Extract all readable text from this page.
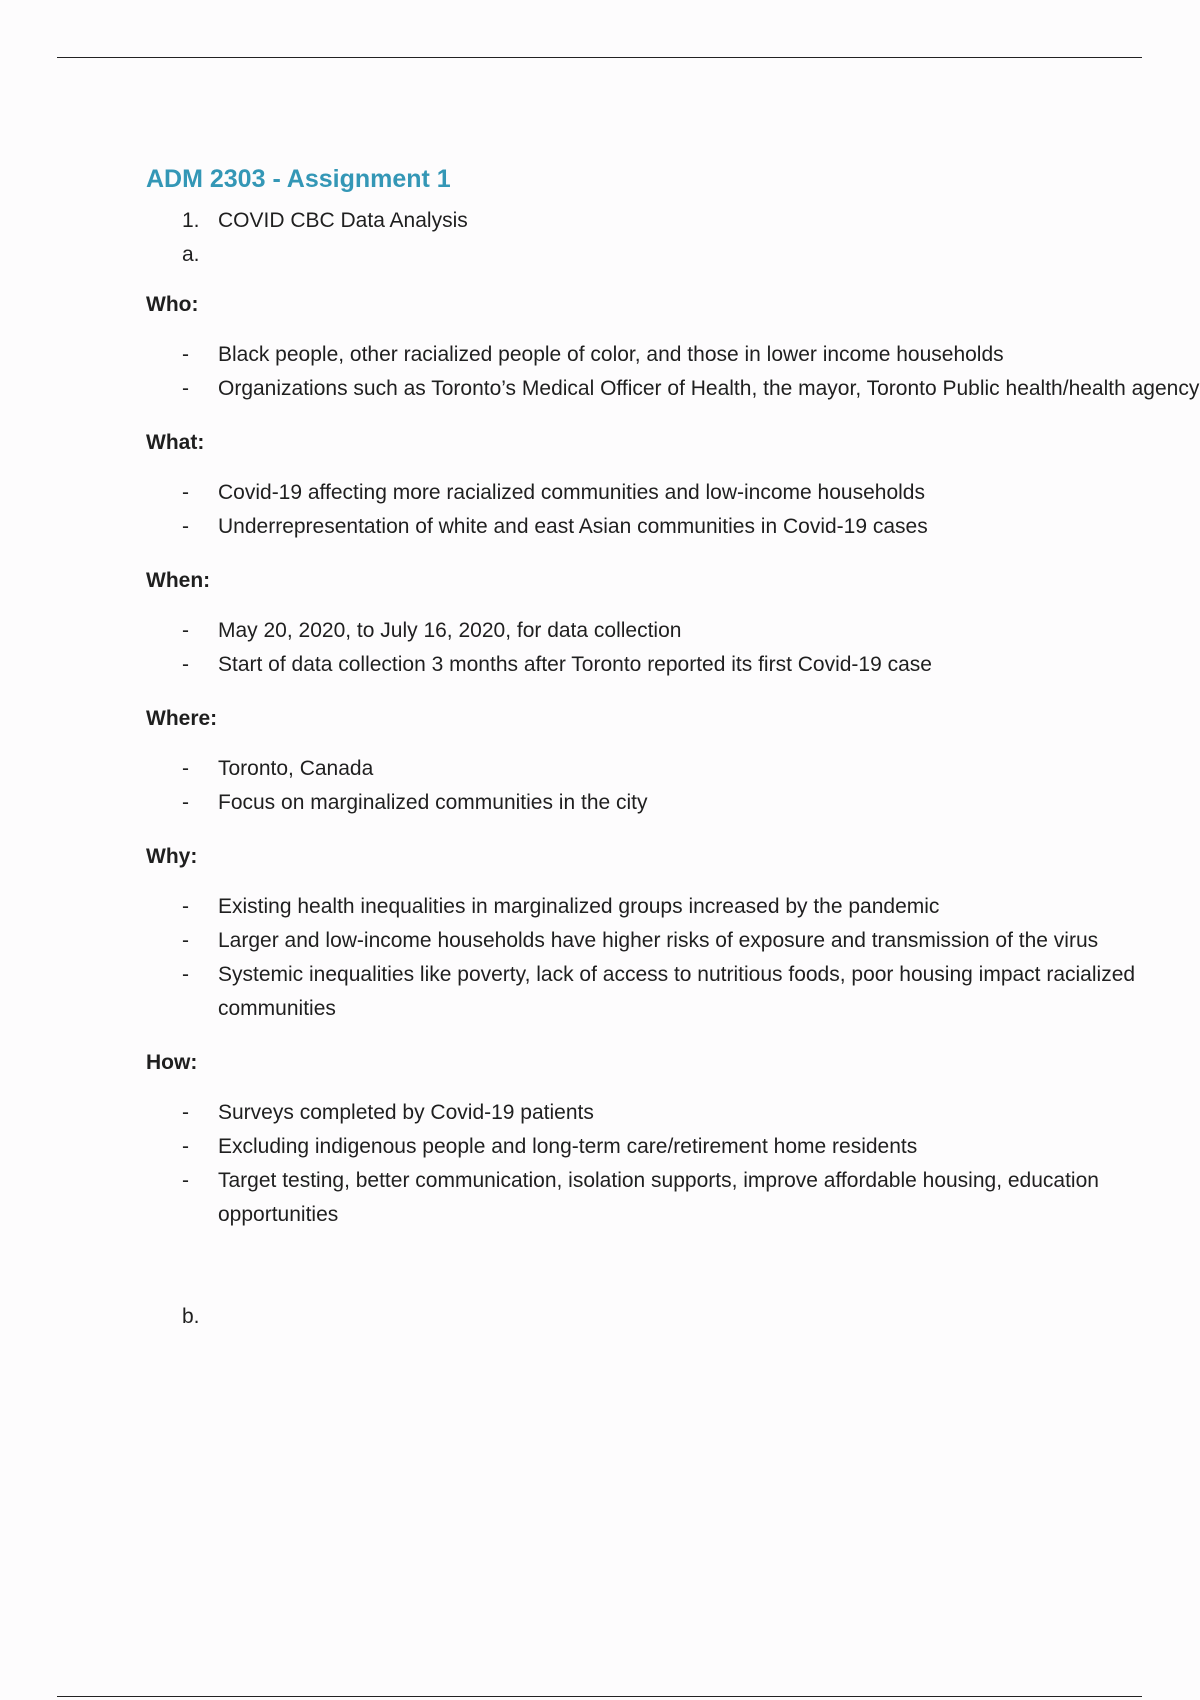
ADM 2303 - Assignment 1
1. COVID CBC Data Analysis
a.
Who:
- Black people, other racialized people of color, and those in lower income households
- Organizations such as Toronto’s Medical Officer of Health, the mayor, Toronto Public health/health agency
What:
- Covid-19 affecting more racialized communities and low-income households
- Underrepresentation of white and east Asian communities in Covid-19 cases
When:
- May 20, 2020, to July 16, 2020, for data collection
- Start of data collection 3 months after Toronto reported its first Covid-19 case
Where:
- Toronto, Canada
- Focus on marginalized communities in the city
Why:
- Existing health inequalities in marginalized groups increased by the pandemic
- Larger and low-income households have higher risks of exposure and transmission of the virus
- Systemic inequalities like poverty, lack of access to nutritious foods, poor housing impact racialized communities
How:
- Surveys completed by Covid-19 patients
- Excluding indigenous people and long-term care/retirement home residents
- Target testing, better communication, isolation supports, improve affordable housing, education opportunities
b.
